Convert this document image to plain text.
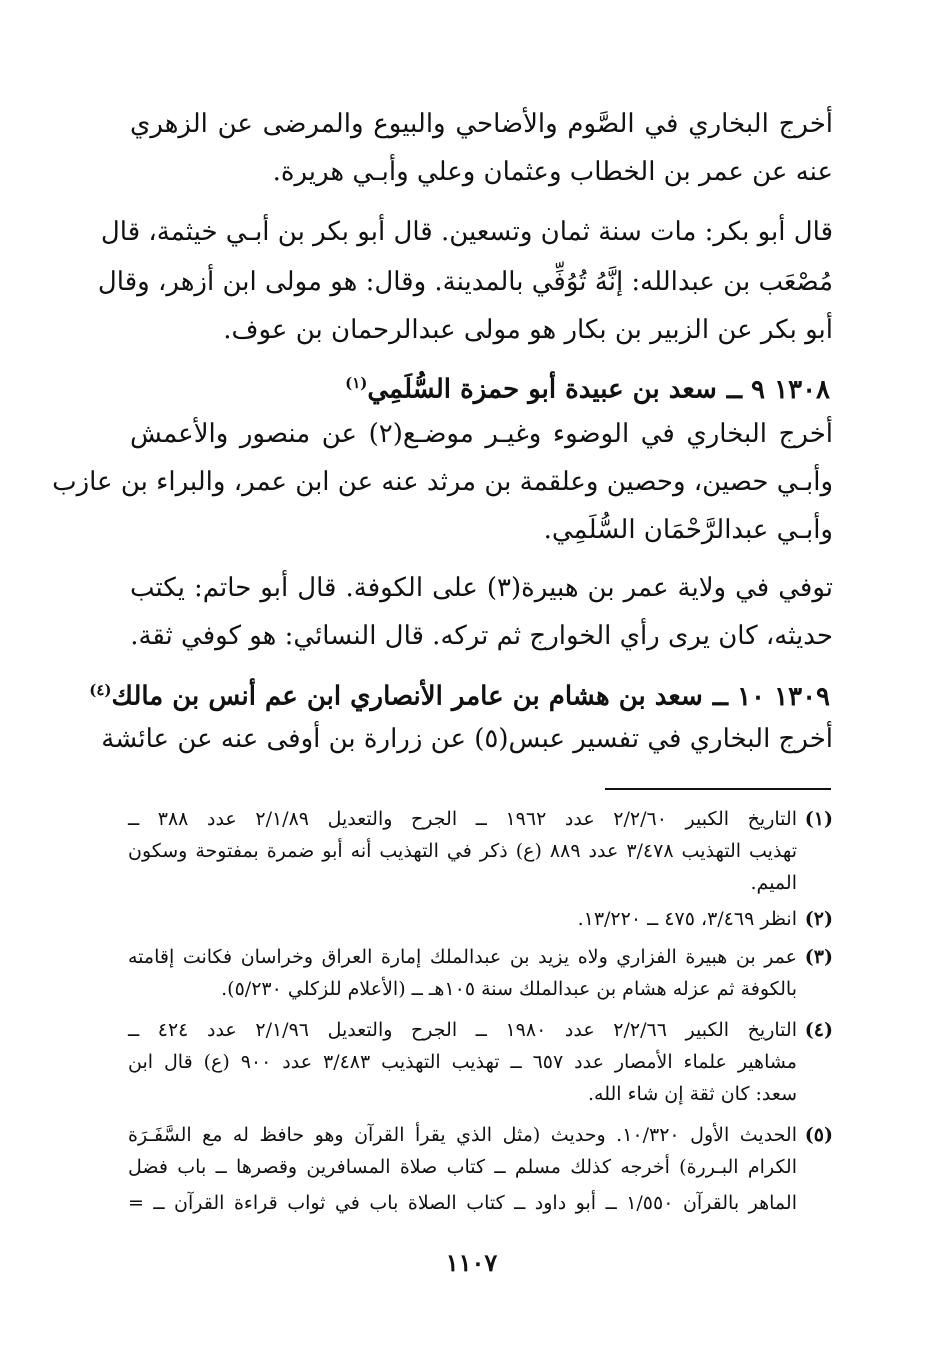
أخرج البخاري في الصَّوم والأضاحي والبيوع والمرضى عن الزهري
عنه عن عمر بن الخطاب وعثمان وعلي وأبـي هريرة.
قال أبو بكر: مات سنة ثمان وتسعين. قال أبو بكر بن أبـي خيثمة، قال
مُصْعَب بن عبدالله: إنَّهُ تُوُفِّي بالمدينة. وقال: هو مولى ابن أزهر، وقال
أبو بكر عن الزبير بن بكار هو مولى عبدالرحمان بن عوف.
١٣٠٨٩ ــسعد بن عبيدة أبو حمزة السُّلَمِي$^{(١)}$
أخرج البخاري في الوضوء وغيـر موضـع(٢) عن منصور والأعمش
وأبـي حصين، وحصين وعلقمة بن مرثد عنه عن ابن عمر، والبراء بن عازب
وأبـي عبدالرَّحْمَان السُّلَمِي.
توفي في ولاية عمر بن هبيرة(٣) على الكوفة. قال أبو حاتم: يكتب
حديثه، كان يرى رأي الخوارج ثم تركه. قال النسائي: هو كوفي ثقة.
١٣٠٩١٠ ــسعد بن هشام بن عامر الأنصاري ابن عم أنس بن مالك$^{(٤)}$
أخرج البخاري في تفسير عبس(٥) عن زرارة بن أوفى عنه عن عائشة
(١)التاريخ الكبير ٢/٢/٦٠ عدد ١٩٦٢ ــ الجرح والتعديل ٢/١/٨٩ عدد ٣٨٨ ــ
تهذيب التهذيب ٣/٤٧٨ عدد ٨٨٩ (ع) ذكر في التهذيب أنه أبو ضمرة بمفتوحة وسكون
الميم.
(٢)انظر ٣/٤٦٩، ٤٧٥ ــ ١٣/٢٢٠.
(٣)عمر بن هبيرة الفزاري ولاه يزيد بن عبدالملك إمارة العراق وخراسان فكانت إقامته
بالكوفة ثم عزله هشام بن عبدالملك سنة ١٠٥هـ ــ (الأعلام للزكلي ٥/٢٣٠).
(٤)التاريخ الكبير ٢/٢/٦٦ عدد ١٩٨٠ ــ الجرح والتعديل ٢/١/٩٦ عدد ٤٢٤ ــ
مشاهير علماء الأمصار عدد ٦٥٧ ــ تهذيب التهذيب ٣/٤٨٣ عدد ٩٠٠ (ع) قال ابن
سعد: كان ثقة إن شاء الله.
(٥)الحديث الأول ١٠/٣٢٠. وحديث (مثل الذي يقرأ القرآن وهو حافظ له مع السَّفَـرَة
الكرام البـررة) أخرجه كذلك مسلم ــ كتاب صلاة المسافرين وقصرها ــ باب فضل
الماهر بالقرآن ١/٥٥٠ ــ أبو داود ــ كتاب الصلاة باب في ثواب قراءة القرآن ــ =
١١٠٧
